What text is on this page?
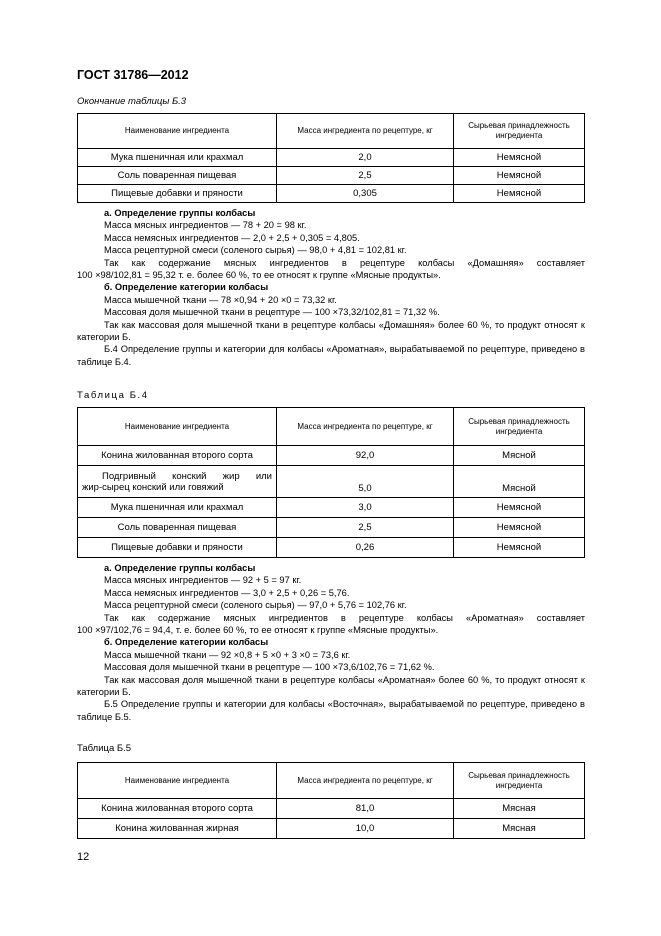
ГОСТ 31786—2012
Окончание таблицы Б.3
Наименование ингредиента	Масса ингредиента по рецептуре, кг	Сырьевая принадлежность ингредиента
Мука пшеничная или крахмал	2,0	Немясной
Соль поваренная пищевая	2,5	Немясной
Пищевые добавки и пряности	0,305	Немясной

а. Определение группы колбасы

Масса мясных ингредиентов — 78 + 20 = 98 кг.

Масса немясных ингредиентов — 2,0 + 2,5 + 0,305 = 4,805.

Масса рецептурной смеси (соленого сырья) — 98,0 + 4,81 = 102,81 кг.

Так как содержание мясных ингредиентов в рецептуре колбасы «Домашняя» составляет

100 ×98/102,81 = 95,32 т. е. более 60 %, то ее относят к группе «Мясные продукты».

б. Определение категории колбасы

Масса мышечной ткани — 78 ×0,94 + 20 ×0 = 73,32 кг.

Массовая доля мышечной ткани в рецептуре — 100 ×73,32/102,81 = 71,32 %.

Так как массовая доля мышечной ткани в рецептуре колбасы «Домашняя» более 60 %, то продукт относят к категории Б.

Б.4 Определение группы и категории для колбасы «Ароматная», вырабатываемой по рецептуре, приведено в таблице Б.4.

Таблица Б.4
Наименование ингредиента	Масса ингредиента по рецептуре, кг	Сырьевая принадлежность ингредиента
Конина жилованная второго сорта	92,0	Мясной

Подгривный конский жир или
жир-сырец конский или говяжий	5,0	Мясной
Мука пшеничная или крахмал	3,0	Немясной
Соль поваренная пищевая	2,5	Немясной
Пищевые добавки и пряности	0,26	Немясной

а. Определение группы колбасы

Масса мясных ингредиентов — 92 + 5 = 97 кг.

Масса немясных ингредиентов — 3,0 + 2,5 + 0,26 = 5,76.

Масса рецептурной смеси (соленого сырья) — 97,0 + 5,76 = 102,76 кг.

Так как содержание мясных ингредиентов в рецептуре колбасы «Ароматная» составляет

100 ×97/102,76 = 94,4, т. е. более 60 %, то ее относят к группе «Мясные продукты».

б. Определение категории колбасы

Масса мышечной ткани — 92 ×0,8 + 5 ×0 + 3 ×0 = 73,6 кг.

Массовая доля мышечной ткани в рецептуре — 100 ×73,6/102,76 = 71,62 %.

Так как массовая доля мышечной ткани в рецептуре колбасы «Ароматная» более 60 %, то продукт относят к категории Б.

Б.5 Определение группы и категории для колбасы «Восточная», вырабатываемой по рецептуре, приведено в таблице Б.5.

Таблица Б.5
Наименование ингредиента	Масса ингредиента по рецептуре, кг	Сырьевая принадлежность ингредиента
Конина жилованная второго сорта	81,0	Мясная
Конина жилованная жирная	10,0	Мясная
12
